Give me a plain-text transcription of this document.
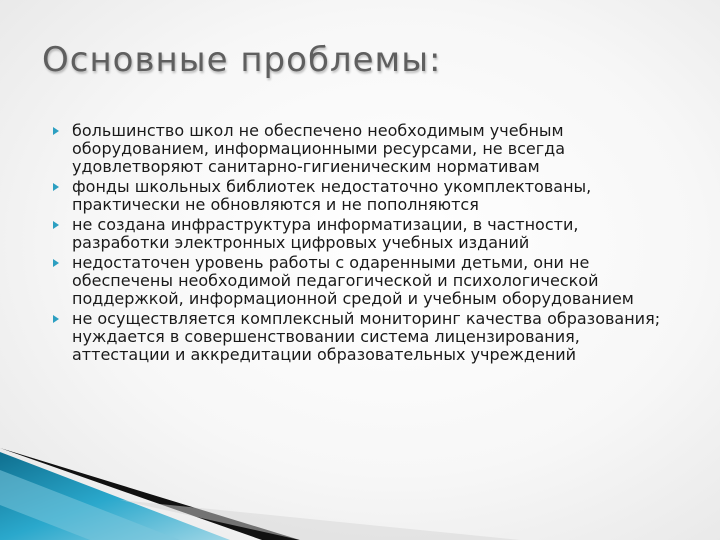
Основные проблемы:
большинство школ не обеспечено необходимым учебным оборудованием, информационными ресурсами, не всегда удовлетворяют санитарно-гигиеническим нормативам
фонды школьных библиотек недостаточно укомплектованы, практически не обновляются и не пополняются
не создана инфраструктура информатизации, в частности, разработки электронных цифровых учебных изданий
недостаточен уровень работы с одаренными детьми, они не обеспечены необходимой педагогической и психологической поддержкой, информационной средой и учебным оборудованием
не осуществляется комплексный мониторинг качества образования; нуждается в совершенствовании система лицензирования, аттестации и аккредитации образовательных учреждений
